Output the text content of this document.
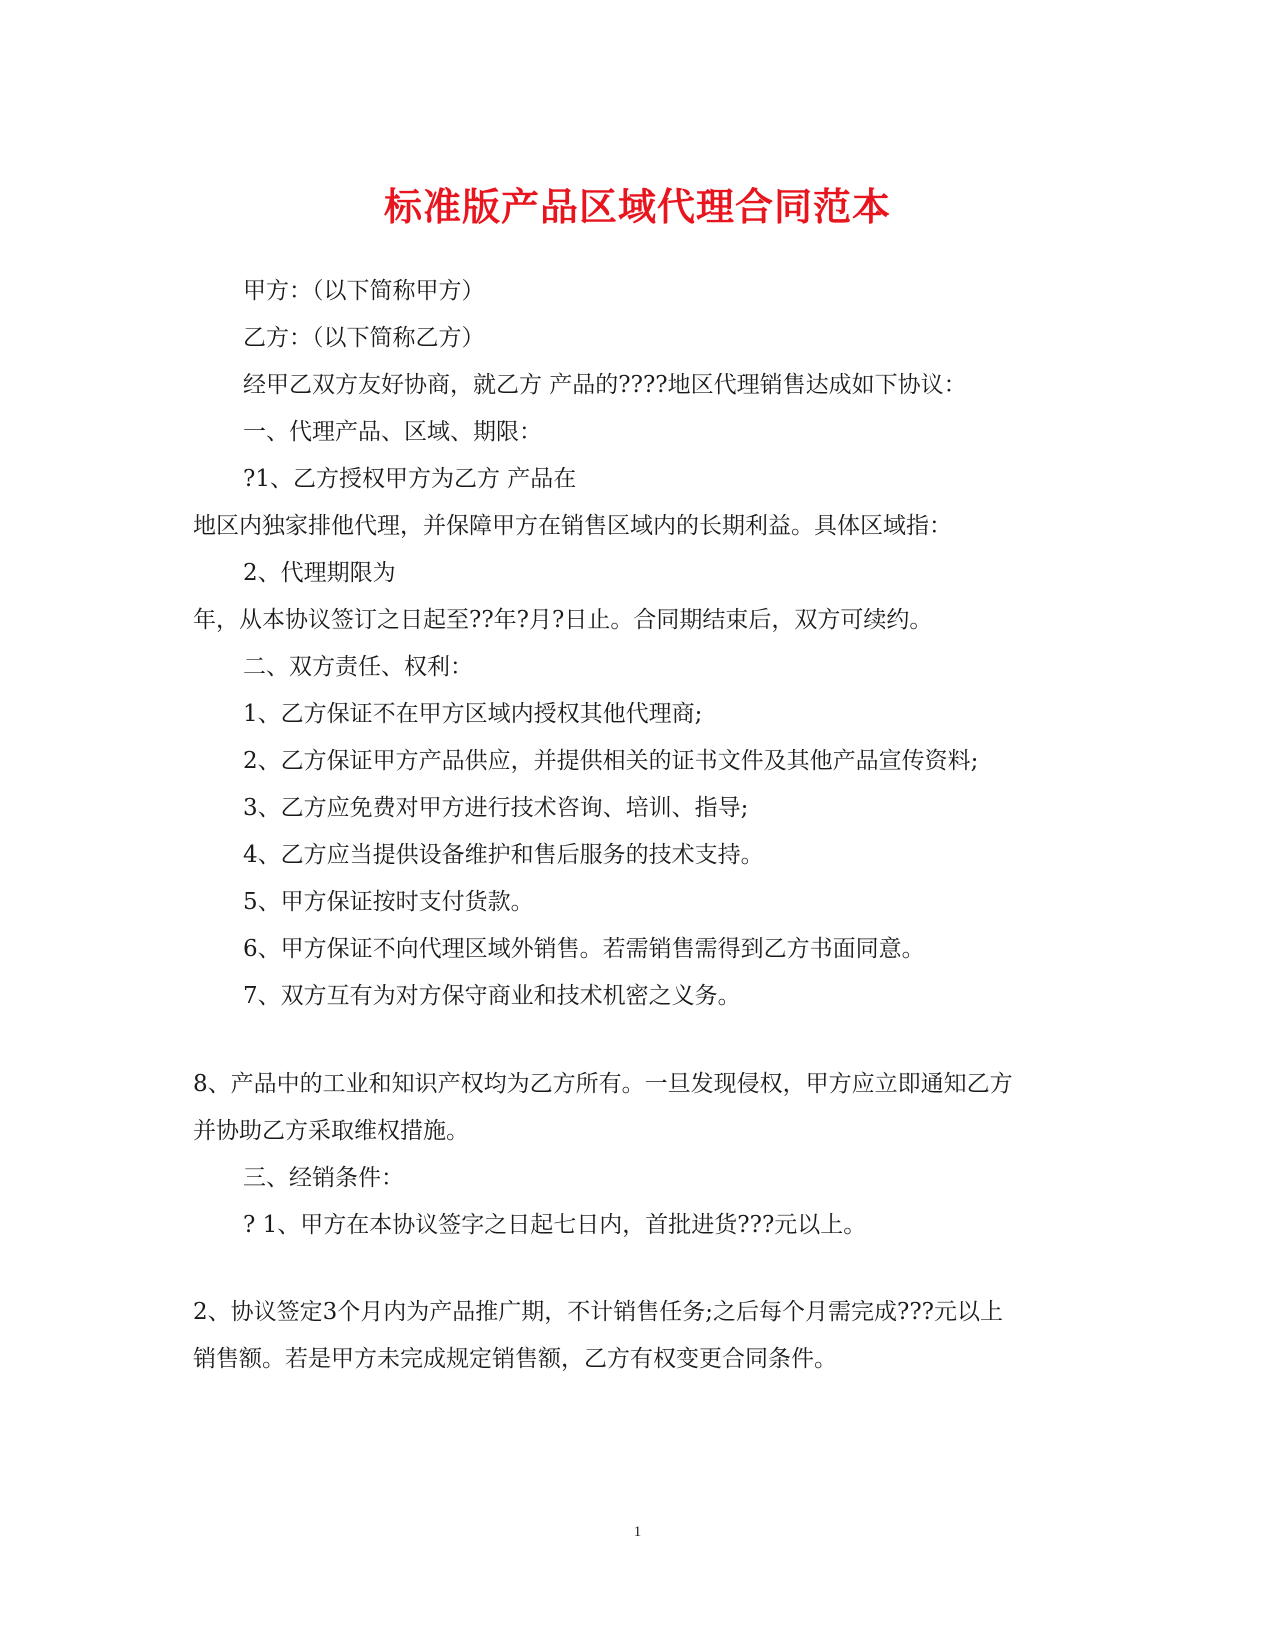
标准版产品区域代理合同范本
甲方：（以下简称甲方）
乙方：（以下简称乙方）
经甲乙双方友好协商，就乙方 产品的????地区代理销售达成如下协议：
一、代理产品、区域、期限：
?1、乙方授权甲方为乙方 产品在
地区内独家排他代理，并保障甲方在销售区域内的长期利益。具体区域指：
2、代理期限为
年，从本协议签订之日起至??年?月?日止。合同期结束后，双方可续约。
二、双方责任、权利：
1、乙方保证不在甲方区域内授权其他代理商;
2、乙方保证甲方产品供应，并提供相关的证书文件及其他产品宣传资料;
3、乙方应免费对甲方进行技术咨询、培训、指导;
4、乙方应当提供设备维护和售后服务的技术支持。
5、甲方保证按时支付货款。
6、甲方保证不向代理区域外销售。若需销售需得到乙方书面同意。
7、双方互有为对方保守商业和技术机密之义务。
8、产品中的工业和知识产权均为乙方所有。一旦发现侵权，甲方应立即通知乙方
并协助乙方采取维权措施。
三、经销条件：
? 1、甲方在本协议签字之日起七日内，首批进货???元以上。
2、协议签定3个月内为产品推广期，不计销售任务;之后每个月需完成???元以上
销售额。若是甲方未完成规定销售额，乙方有权变更合同条件。
1
